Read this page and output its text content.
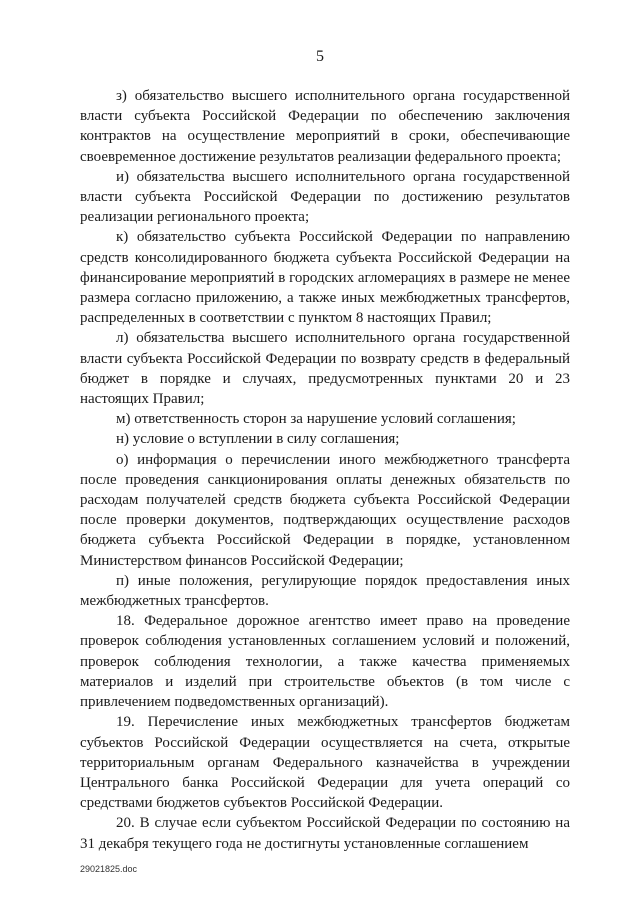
5

з) обязательство высшего исполнительного органа государственной власти субъекта Российской Федерации по обеспечению заключения контрактов на осуществление мероприятий в сроки, обеспечивающие своевременное достижение результатов реализации федерального проекта;

и) обязательства высшего исполнительного органа государственной власти субъекта Российской Федерации по достижению результатов реализации регионального проекта;

к) обязательство субъекта Российской Федерации по направлению средств консолидированного бюджета субъекта Российской Федерации на финансирование мероприятий в городских агломерациях в размере не менее размера согласно приложению, а также иных межбюджетных трансфертов, распределенных в соответствии с пунктом 8 настоящих Правил;

л) обязательства высшего исполнительного органа государственной власти субъекта Российской Федерации по возврату средств в федеральный бюджет в порядке и случаях, предусмотренных пунктами 20 и 23 настоящих Правил;

м) ответственность сторон за нарушение условий соглашения;

н) условие о вступлении в силу соглашения;

о) информация о перечислении иного межбюджетного трансферта после проведения санкционирования оплаты денежных обязательств по расходам получателей средств бюджета субъекта Российской Федерации после проверки документов, подтверждающих осуществление расходов бюджета субъекта Российской Федерации в порядке, установленном Министерством финансов Российской Федерации;

п) иные положения, регулирующие порядок предоставления иных межбюджетных трансфертов.

18. Федеральное дорожное агентство имеет право на проведение проверок соблюдения установленных соглашением условий и положений, проверок соблюдения технологии, а также качества применяемых материалов и изделий при строительстве объектов (в том числе с привлечением подведомственных организаций).

19. Перечисление иных межбюджетных трансфертов бюджетам субъектов Российской Федерации осуществляется на счета, открытые территориальным органам Федерального казначейства в учреждении Центрального банка Российской Федерации для учета операций со средствами бюджетов субъектов Российской Федерации.

20. В случае если субъектом Российской Федерации по состоянию на 31 декабря текущего года не достигнуты установленные соглашением

29021825.doc
